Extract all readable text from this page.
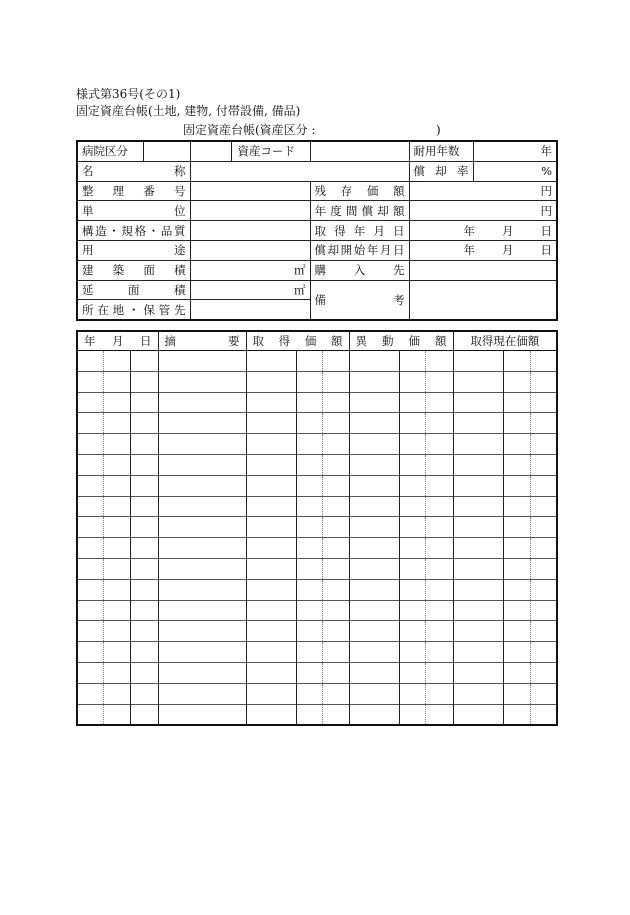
様式第36号(その1)
固定資産台帳(土地, 建物, 付帯設備, 備品)
固定資産台帳(資産区分 :	)
病院区分	資産コード			耐用年数	年
名 称				償 却 率	%
整 理 番 号			残 存 価 額	円	
単 位			年度間償却額	円	
構造・規格・品質			取 得 年 月 日	年 月 日	

用 途			償却開始年月日	年 月 日	

建 築 面 積		㎡	購 入 先		
延 面 積		㎡	備 考		
所在地・保管先					
年 月 日			摘 要	取 得 価 額			異 動 価 額			取得現在価額		
